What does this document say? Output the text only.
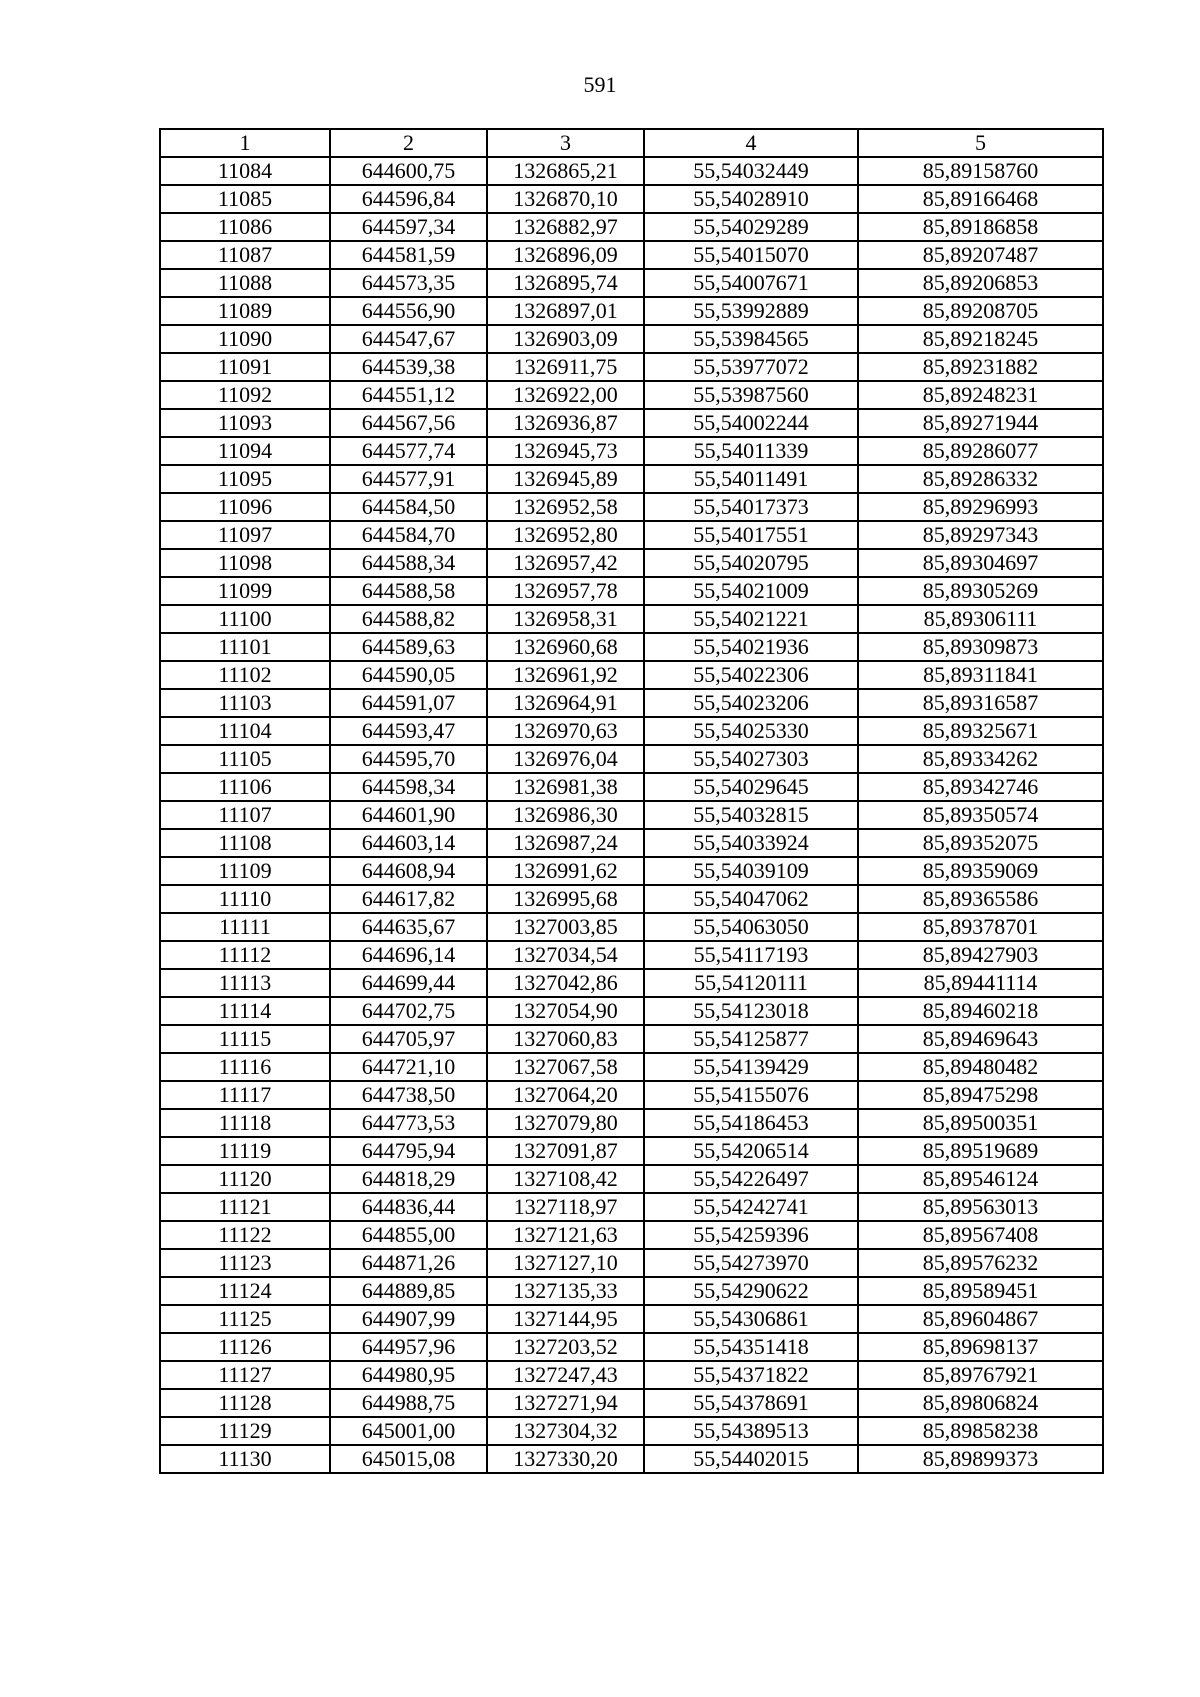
591
1	2	3	4	5
11084	644600,75	1326865,21	55,54032449	85,89158760
11085	644596,84	1326870,10	55,54028910	85,89166468
11086	644597,34	1326882,97	55,54029289	85,89186858
11087	644581,59	1326896,09	55,54015070	85,89207487
11088	644573,35	1326895,74	55,54007671	85,89206853
11089	644556,90	1326897,01	55,53992889	85,89208705
11090	644547,67	1326903,09	55,53984565	85,89218245
11091	644539,38	1326911,75	55,53977072	85,89231882
11092	644551,12	1326922,00	55,53987560	85,89248231
11093	644567,56	1326936,87	55,54002244	85,89271944
11094	644577,74	1326945,73	55,54011339	85,89286077
11095	644577,91	1326945,89	55,54011491	85,89286332
11096	644584,50	1326952,58	55,54017373	85,89296993
11097	644584,70	1326952,80	55,54017551	85,89297343
11098	644588,34	1326957,42	55,54020795	85,89304697
11099	644588,58	1326957,78	55,54021009	85,89305269
11100	644588,82	1326958,31	55,54021221	85,89306111
11101	644589,63	1326960,68	55,54021936	85,89309873
11102	644590,05	1326961,92	55,54022306	85,89311841
11103	644591,07	1326964,91	55,54023206	85,89316587
11104	644593,47	1326970,63	55,54025330	85,89325671
11105	644595,70	1326976,04	55,54027303	85,89334262
11106	644598,34	1326981,38	55,54029645	85,89342746
11107	644601,90	1326986,30	55,54032815	85,89350574
11108	644603,14	1326987,24	55,54033924	85,89352075
11109	644608,94	1326991,62	55,54039109	85,89359069
11110	644617,82	1326995,68	55,54047062	85,89365586
11111	644635,67	1327003,85	55,54063050	85,89378701
11112	644696,14	1327034,54	55,54117193	85,89427903
11113	644699,44	1327042,86	55,54120111	85,89441114
11114	644702,75	1327054,90	55,54123018	85,89460218
11115	644705,97	1327060,83	55,54125877	85,89469643
11116	644721,10	1327067,58	55,54139429	85,89480482
11117	644738,50	1327064,20	55,54155076	85,89475298
11118	644773,53	1327079,80	55,54186453	85,89500351
11119	644795,94	1327091,87	55,54206514	85,89519689
11120	644818,29	1327108,42	55,54226497	85,89546124
11121	644836,44	1327118,97	55,54242741	85,89563013
11122	644855,00	1327121,63	55,54259396	85,89567408
11123	644871,26	1327127,10	55,54273970	85,89576232
11124	644889,85	1327135,33	55,54290622	85,89589451
11125	644907,99	1327144,95	55,54306861	85,89604867
11126	644957,96	1327203,52	55,54351418	85,89698137
11127	644980,95	1327247,43	55,54371822	85,89767921
11128	644988,75	1327271,94	55,54378691	85,89806824
11129	645001,00	1327304,32	55,54389513	85,89858238
11130	645015,08	1327330,20	55,54402015	85,89899373
